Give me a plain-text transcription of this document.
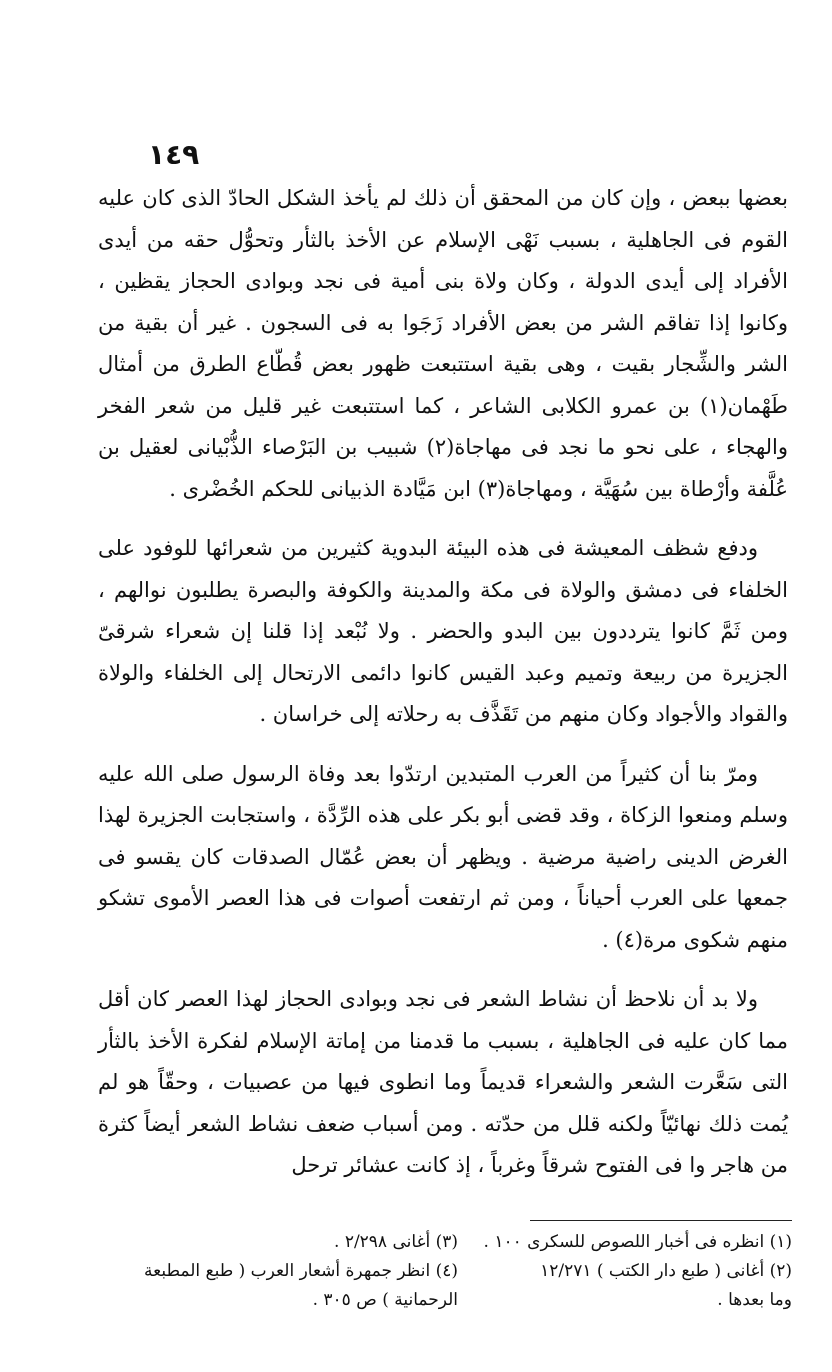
١٤٩

بعضها ببعض ، وإن كان من المحقق أن ذلك لم يأخذ الشكل الحادّ الذى كان عليه القوم فى الجاهلية ، بسبب نَهْى الإسلام عن الأخذ بالثأر وتحوُّل حقه من أيدى الأفراد إلى أيدى الدولة ، وكان ولاة بنى أمية فى نجد وبوادى الحجاز يقظين ، وكانوا إذا تفاقم الشر من بعض الأفراد زَجَوا به فى السجون . غير أن بقية من الشر والشِّجار بقيت ، وهى بقية استتبعت ظهور بعض قُطّاع الطرق من أمثال طَهْمان(١) بن عمرو الكلابى الشاعر ، كما استتبعت غير قليل من شعر الفخر والهجاء ، على نحو ما نجد فى مهاجاة(٢) شبيب بن البَرْصاء الذُّبْيانى لعقيل بن عُلَّفة وأرْطاة بين سُهَيَّة ، ومهاجاة(٣) ابن مَيَّادة الذبيانى للحكم الخُضْرى .

ودفع شظف المعيشة فى هذه البيئة البدوية كثيرين من شعرائها للوفود على الخلفاء فى دمشق والولاة فى مكة والمدينة والكوفة والبصرة يطلبون نوالهم ، ومن ثَمَّ كانوا يترددون بين البدو والحضر . ولا نُبْعد إذا قلنا إن شعراء شرقىّ الجزيرة من ربيعة وتميم وعبد القيس كانوا دائمى الارتحال إلى الخلفاء والولاة والقواد والأجواد وكان منهم من تَقَذَّف به رحلاته إلى خراسان .

ومرّ بنا أن كثيراً من العرب المتبدين ارتدّوا بعد وفاة الرسول صلى الله عليه وسلم ومنعوا الزكاة ، وقد قضى أبو بكر على هذه الرِّدَّة ، واستجابت الجزيرة لهذا الغرض الدينى راضية مرضية . ويظهر أن بعض عُمّال الصدقات كان يقسو فى جمعها على العرب أحياناً ، ومن ثم ارتفعت أصوات فى هذا العصر الأموى تشكو منهم شكوى مرة(٤) .

ولا بد أن نلاحظ أن نشاط الشعر فى نجد وبوادى الحجاز لهذا العصر كان أقل مما كان عليه فى الجاهلية ، بسبب ما قدمنا من إماتة الإسلام لفكرة الأخذ بالثأر التى سَعَّرت الشعر والشعراء قديماً وما انطوى فيها من عصبيات ، وحقّاً هو لم يُمت ذلك نهائيّاً ولكنه قلل من حدّته . ومن أسباب ضعف نشاط الشعر أيضاً كثرة من هاجر وا فى الفتوح شرقاً وغرباً ، إذ كانت عشائر ترحل

(١) انظره فى أخبار اللصوص للسكرى ١٠٠ .
(٣) أغانى ٢/٢٩٨ .
(٢) أغانى ( طبع دار الكتب ) ١٢/٢٧١
(٤) انظر جمهرة أشعار العرب ( طبع المطبعة
وما بعدها .
الرحمانية ) ص ٣٠٥ .
